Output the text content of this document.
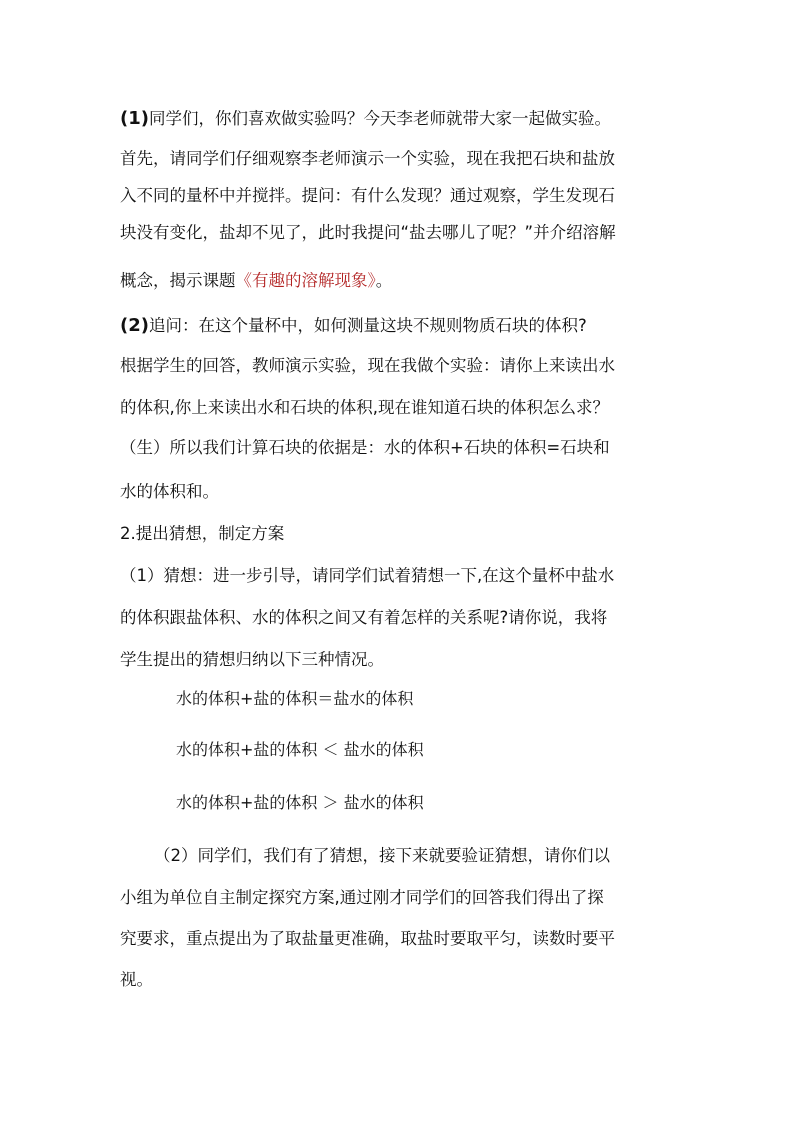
(1)同学们，你们喜欢做实验吗？今天李老师就带大家一起做实验。
首先，请同学们仔细观察李老师演示一个实验，现在我把石块和盐放
入不同的量杯中并搅拌。提问：有什么发现？通过观察，学生发现石
块没有变化，盐却不见了，此时我提问“盐去哪儿了呢？”并介绍溶解
概念，揭示课题《有趣的溶解现象》。
(2)追问：在这个量杯中，如何测量这块不规则物质石块的体积?
根据学生的回答，教师演示实验，现在我做个实验：请你上来读出水
的体积,你上来读出水和石块的体积,现在谁知道石块的体积怎么求？
（生）所以我们计算石块的依据是：水的体积+石块的体积=石块和
水的体积和。
2.提出猜想，制定方案
（1）猜想：进一步引导，请同学们试着猜想一下,在这个量杯中盐水
的体积跟盐体积、水的体积之间又有着怎样的关系呢?请你说，我将
学生提出的猜想归纳以下三种情况。
水的体积+盐的体积＝盐水的体积
水的体积+盐的体积 ＜ 盐水的体积
水的体积+盐的体积 ＞ 盐水的体积
（2）同学们，我们有了猜想，接下来就要验证猜想，请你们以
小组为单位自主制定探究方案,通过刚才同学们的回答我们得出了探
究要求，重点提出为了取盐量更准确，取盐时要取平匀，读数时要平
视。
